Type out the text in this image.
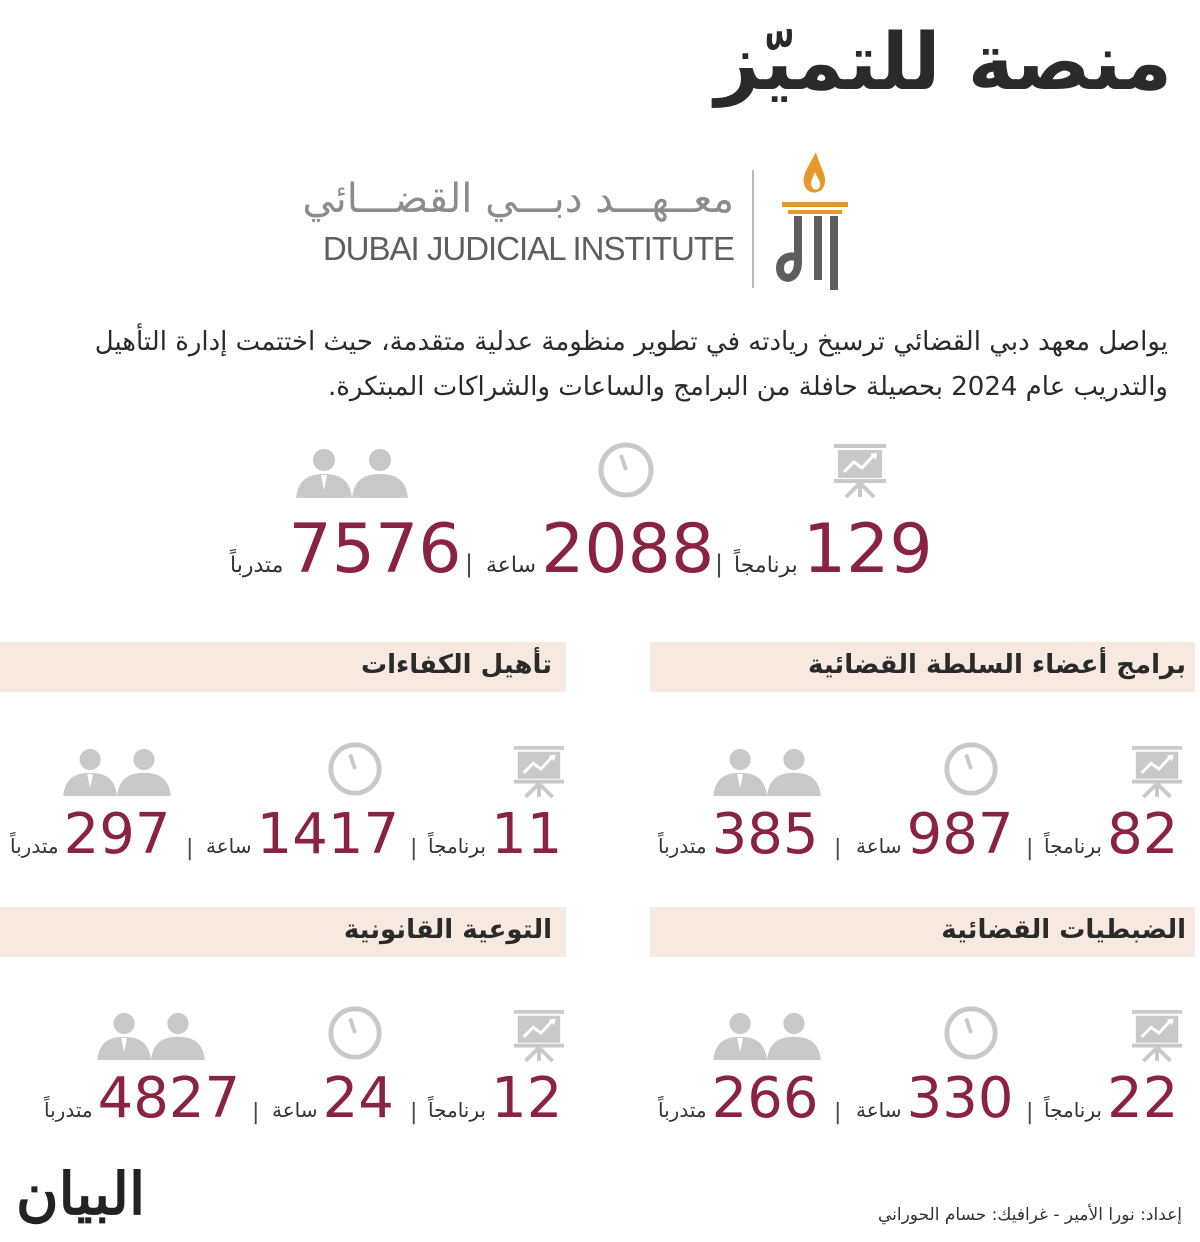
منصة للتميّز
معــهـــد دبـــي القضـــائي
DUBAI JUDICIAL INSTITUTE
يواصل معهد دبي القضائي ترسيخ ريادته في تطوير منظومة عدلية متقدمة، حيث اختتمت إدارة التأهيل والتدريب عام 2024 بحصيلة حافلة من البرامج والساعات والشراكات المبتكرة.
129 برنامجاً
|
2088 ساعة
|
7576 متدرباً
برامج أعضاء السلطة القضائية
تأهيل الكفاءات
الضبطيات القضائية
التوعية القانونية
82 برنامجاً
|
987 ساعة
|
385 متدرباً
11 برنامجاً
|
1417 ساعة
|
297 متدرباً
22 برنامجاً
|
330 ساعة
|
266 متدرباً
12 برنامجاً
|
24 ساعة
|
4827 متدرباً
البيان	إعداد: نورا الأمير - غرافيك: حسام الحوراني
